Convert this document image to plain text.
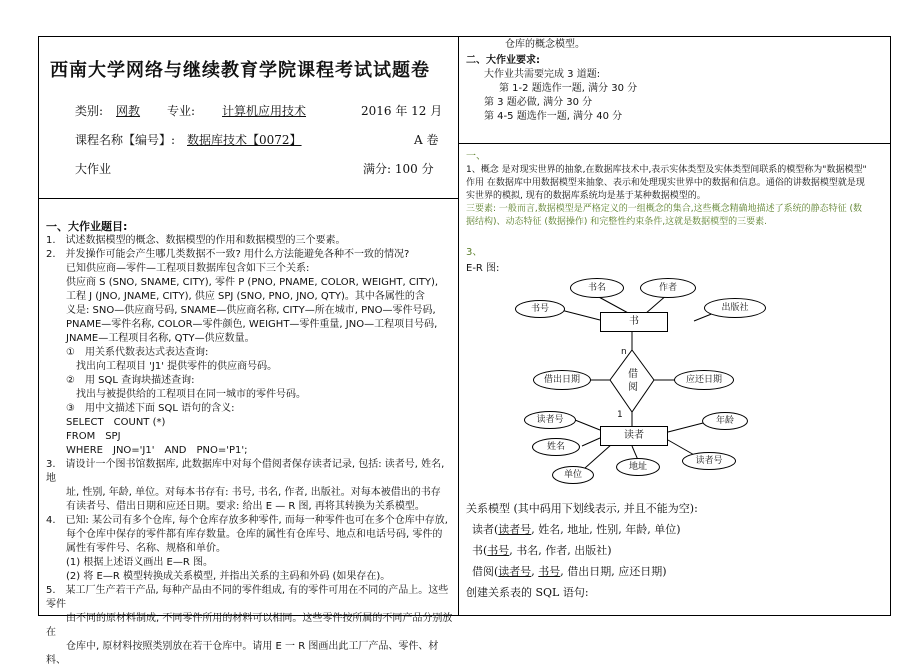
西南大学网络与继续教育学院课程考试试题卷
类别: 网教 专业: 计算机应用技术	2016 年 12 月
课程名称【编号】: 数据库技术【0072】	A 卷
大作业	满分: 100 分
一、大作业题目:
1.　试述数据模型的概念、数据模型的作用和数据模型的三个要素。
2.　并发操作可能会产生哪几类数据不一致? 用什么方法能避免各种不一致的情况?
　　已知供应商—零件—工程项目数据库包含如下三个关系:
　　供应商 S (SNO, SNAME, CITY), 零件 P (PNO, PNAME, COLOR, WEIGHT, CITY),
　　工程 J (JNO, JNAME, CITY), 供应 SPJ (SNO, PNO, JNO, QTY)。其中各属性的含
　　义是: SNO—供应商号码, SNAME—供应商名称, CITY—所在城市, PNO—零件号码,
　　PNAME—零件名称, COLOR—零件颜色, WEIGHT—零件重量, JNO—工程项目号码,
　　JNAME—工程项目名称, QTY—供应数量。
　　①　用关系代数表达式表达查询:
　　　找出向工程项目 'J1' 提供零件的供应商号码。
　　②　用 SQL 查询块描述查询:
　　　找出与被提供给的工程项目在同一城市的零件号码。
　　③　用中文描述下面 SQL 语句的含义:
　　SELECT　COUNT (*)
　　FROM　SPJ
　　WHERE　JNO='J1'　AND　PNO='P1';
3.　请设计一个图书馆数据库, 此数据库中对每个借阅者保存读者记录, 包括: 读者号, 姓名, 地
　　址, 性别, 年龄, 单位。对每本书存有: 书号, 书名, 作者, 出版社。对每本被借出的书存
　　有读者号、借出日期和应还日期。要求: 给出 E — R 图, 再将其转换为关系模型。
4.　已知: 某公司有多个仓库, 每个仓库存放多种零件, 而每一种零件也可在多个仓库中存放,
　　每个仓库中保存的零件都有库存数量。仓库的属性有仓库号、地点和电话号码, 零件的
　　属性有零件号、名称、规格和单价。
　　(1) 根据上述语义画出 E—R 图。
　　(2) 将 E—R 模型转换成关系模型, 并指出关系的主码和外码 (如果存在)。
5.　某工厂生产若干产品, 每种产品由不同的零件组成, 有的零件可用在不同的产品上。这些零件
　　由不同的原材料制成, 不同零件所用的材料可以相同。这些零件按所属的不同产品分别放在
　　仓库中, 原材料按照类别放在若干仓库中。请用 E 一 R 图画出此工厂产品、零件、材料、
仓库的概念模型。
二、大作业要求:
大作业共需要完成 3 道题:
第 1-2 题选作一题, 满分 30 分
第 3 题必做, 满分 30 分
第 4-5 题选作一题, 满分 40 分
一、
1、概念 是对现实世界的抽象,在数据库技术中,表示实体类型及实体类型间联系的模型称为"数据模型"
作用 在数据库中用数据模型来抽象、表示和处理现实世界中的数据和信息。通俗的讲数据模型就是现
实世界的模拟, 现有的数据库系统均是基于某种数据模型的。
三要素: 一般而言,数据模型是严格定义的一组概念的集合,这些概念精确地描述了系统的静态特征 (数
据结构)、动态特征 (数据操作) 和完整性约束条件,这就是数据模型的三要素.
3、
E-R 图:
书
读者
借阅
书名	作者
书号	出版社
借出日期	应还日期
n
1
读者号
姓名
年龄
读者号
单位
地址
关系模型 (其中码用下划线表示, 并且不能为空):
读者(读者号, 姓名, 地址, 性别, 年龄, 单位)
书(书号, 书名, 作者, 出版社)
借阅(读者号, 书号, 借出日期, 应还日期)
创建关系表的 SQL 语句:
